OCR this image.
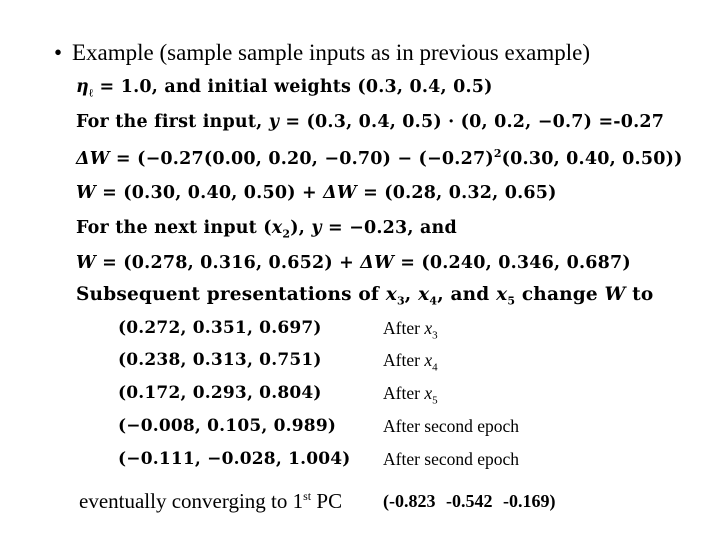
• Example (sample sample inputs as in previous example)
$\eta_\ell = 1.0$, and initial weights (0.3, 0.4, 0.5)
For the first input, y = (0.3, 0.4, 0.5) · (0, 0.2, −0.7) =-0.27
ΔW = (−0.27(0.00, 0.20, $-0.70) - (-0.27)^2(0.30$, 0.40, 0.50))
W = (0.30, 0.40, 0.50) + ΔW = (0.28, 0.32, 0.65)
For the next input $(x_2)$, y = −0.23, and
W = (0.278, 0.316, 0.652) + ΔW = (0.240, 0.346, 0.687)
Subsequent presentations of $x_3$, $x_4$, and $x_5$ change W to
(0.272, 0.351, 0.697)	After $x_3$
(0.238, 0.313, 0.751)	After $x_4$
(0.172, 0.293, 0.804)	After $x_5$
(−0.008, 0.105, 0.989)	After second epoch
(−0.111, −0.028, 1.004) After second epoch
eventually converging to 1st PC (-0.823 -0.542 -0.169)
